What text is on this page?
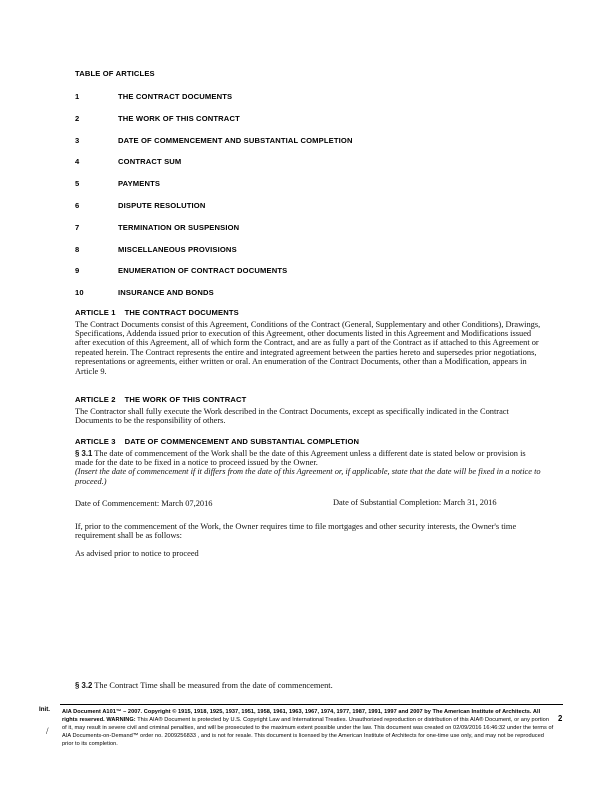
TABLE OF ARTICLES
1	THE CONTRACT DOCUMENTS
2	THE WORK OF THIS CONTRACT
3	DATE OF COMMENCEMENT AND SUBSTANTIAL COMPLETION
4	CONTRACT SUM
5	PAYMENTS
6	DISPUTE RESOLUTION
7	TERMINATION OR SUSPENSION
8	MISCELLANEOUS PROVISIONS
9	ENUMERATION OF CONTRACT DOCUMENTS
10	INSURANCE AND BONDS
ARTICLE 1 THE CONTRACT DOCUMENTS
The Contract Documents consist of this Agreement, Conditions of the Contract (General, Supplementary and other Conditions), Drawings, Specifications, Addenda issued prior to execution of this Agreement, other documents listed in this Agreement and Modifications issued after execution of this Agreement, all of which form the Contract, and are as fully a part of the Contract as if attached to this Agreement or repeated herein. The Contract represents the entire and integrated agreement between the parties hereto and supersedes prior negotiations, representations or agreements, either written or oral. An enumeration of the Contract Documents, other than a Modification, appears in Article 9.
ARTICLE 2 THE WORK OF THIS CONTRACT
The Contractor shall fully execute the Work described in the Contract Documents, except as specifically indicated in the Contract Documents to be the responsibility of others.
ARTICLE 3 DATE OF COMMENCEMENT AND SUBSTANTIAL COMPLETION
§ 3.1 The date of commencement of the Work shall be the date of this Agreement unless a different date is stated below or provision is made for the date to be fixed in a notice to proceed issued by the Owner.
(Insert the date of commencement if it differs from the date of this Agreement or, if applicable, state that the date will be fixed in a notice to proceed.)
Date of Commencement: March 07,2016	Date of Substantial Completion: March 31, 2016
If, prior to the commencement of the Work, the Owner requires time to file mortgages and other security interests, the Owner's time requirement shall be as follows:
As advised prior to notice to proceed
§ 3.2 The Contract Time shall be measured from the date of commencement.
Init.
/
AIA Document A101™ – 2007. Copyright © 1915, 1918, 1925, 1937, 1951, 1958, 1961, 1963, 1967, 1974, 1977, 1987, 1991, 1997 and 2007 by The American Institute of Architects. All rights reserved. WARNING: This AIA® Document is protected by U.S. Copyright Law and International Treaties. Unauthorized reproduction or distribution of this AIA® Document, or any portion of it, may result in severe civil and criminal penalties, and will be prosecuted to the maximum extent possible under the law. This document was created on 02/09/2016 16:46:32 under the terms of AIA Documents-on-Demand™ order no. 2009256833 , and is not for resale. This document is licensed by the American Institute of Architects for one-time use only, and may not be reproduced prior to its completion.
2
